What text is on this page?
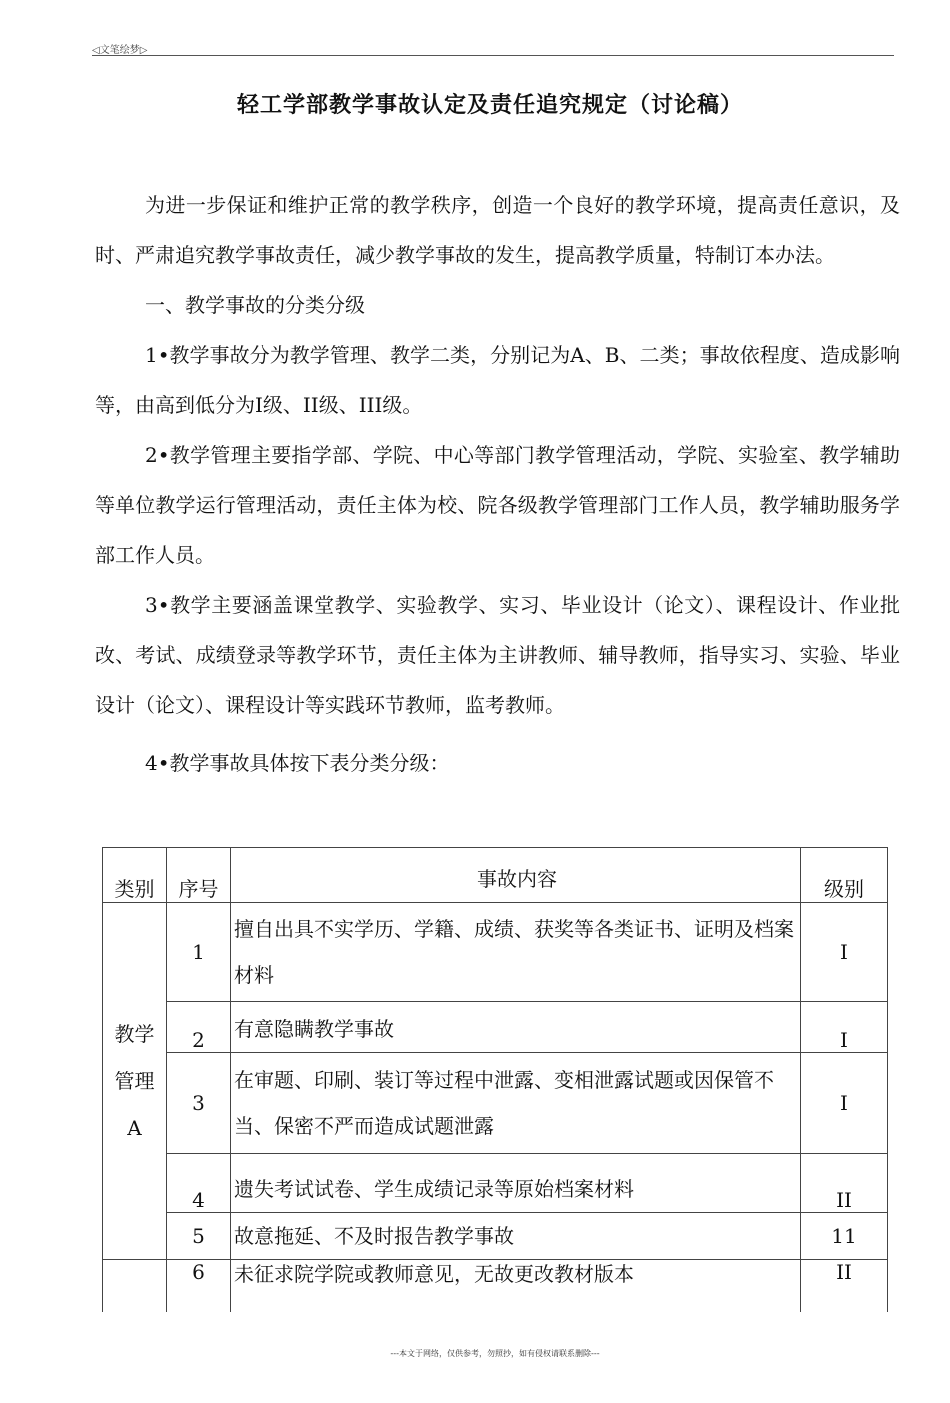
◁文笔绘梦▷
轻工学部教学事故认定及责任追究规定（讨论稿）

为进一步保证和维护正常的教学秩序，创造一个良好的教学环境，提高责任意识，及时、严肃追究教学事故责任，减少教学事故的发生，提高教学质量，特制订本办法。

一、教学事故的分类分级

1•教学事故分为教学管理、教学二类，分别记为A、B、二类；事故依程度、造成影响等，由高到低分为I级、II级、III级。

2•教学管理主要指学部、学院、中心等部门教学管理活动，学院、实验室、教学辅助等单位教学运行管理活动，责任主体为校、院各级教学管理部门工作人员，教学辅助服务学部工作人员。

3•教学主要涵盖课堂教学、实验教学、实习、毕业设计（论文）、课程设计、作业批改、考试、成绩登录等教学环节，责任主体为主讲教师、辅导教师，指导实习、实验、毕业设计（论文）、课程设计等实践环节教师，监考教师。

4•教学事故具体按下表分类分级：

类别	序号	事故内容	级别

教学
管理
A	1	擅自出具不实学历、学籍、成绩、获奖等各类证书、证明及档案材料	I
	2	有意隐瞒教学事故	I
	3	在审题、印刷、装订等过程中泄露、变相泄露试题或因保管不当、保密不严而造成试题泄露	I
	4	遗失考试试卷、学生成绩记录等原始档案材料	II
	5	故意拖延、不及时报告教学事故	11
	6	未征求院学院或教师意见，无故更改教材版本	II
---本文于网络，仅供参考，勿照抄，如有侵权请联系删除---
